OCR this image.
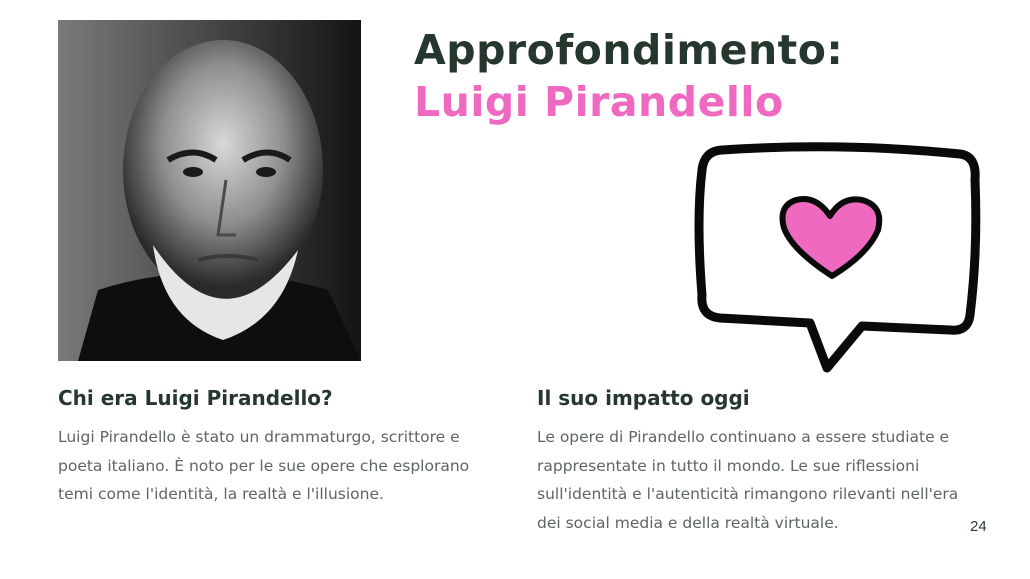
Approfondimento:
Luigi Pirandello
Chi era Luigi Pirandello?
Luigi Pirandello è stato un drammaturgo, scrittore e
poeta italiano. È noto per le sue opere che esplorano
temi come l'identità, la realtà e l'illusione.
Il suo impatto oggi
Le opere di Pirandello continuano a essere studiate e
rappresentate in tutto il mondo. Le sue riflessioni
sull'identità e l'autenticità rimangono rilevanti nell'era
dei social media e della realtà virtuale.	24
